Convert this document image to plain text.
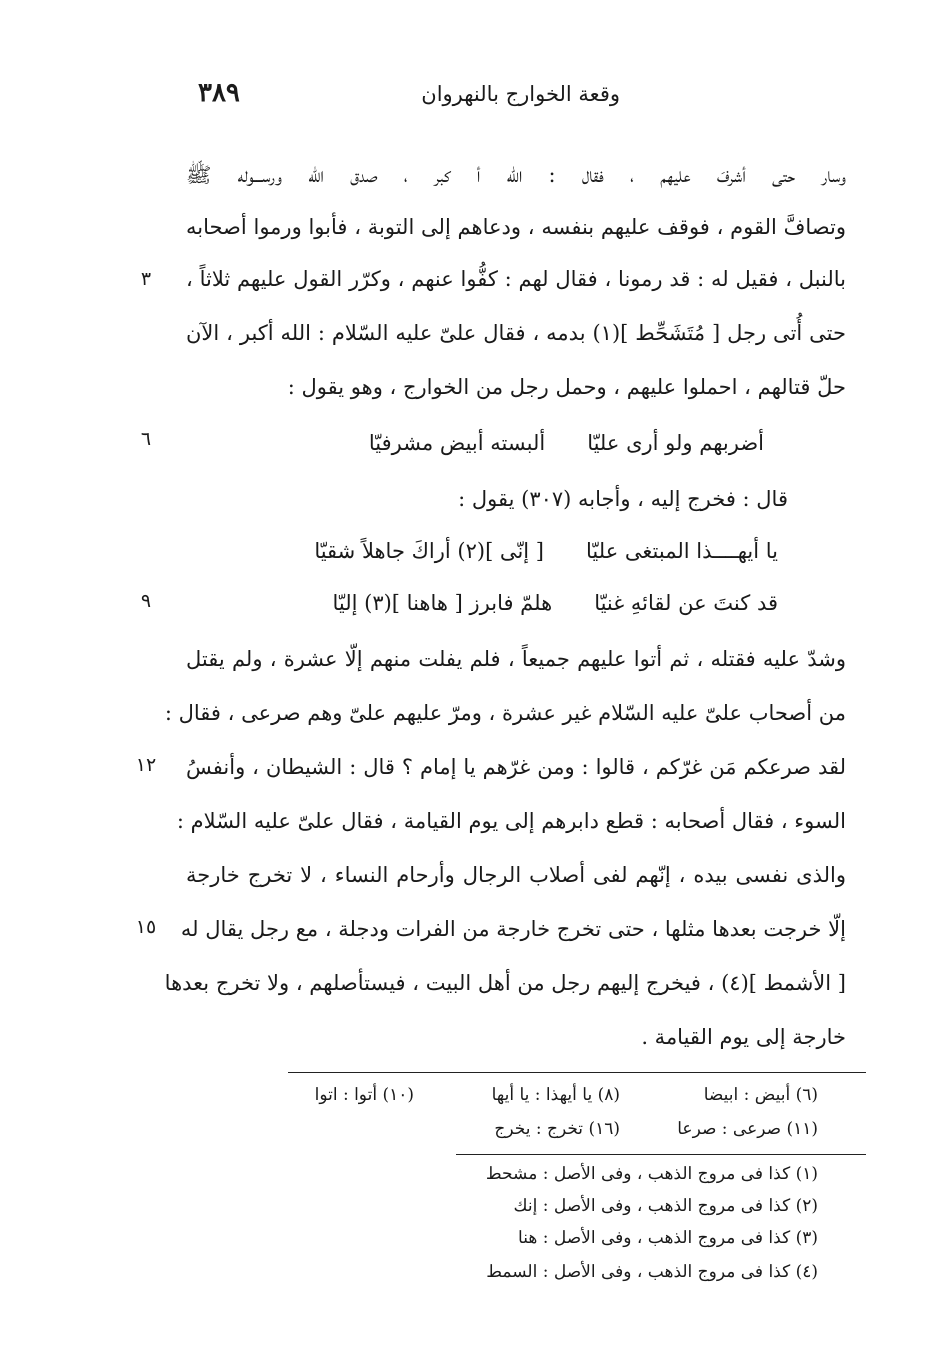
٣٨٩	وقعة الخوارج بالنهروان
وسار حتى أشرفَ عليهم ، فقال : الله أ كبر ، صدق الله ورســـوله ﷺ
وتصافَّ القوم ، فوقف عليهم بنفسه ، ودعاهم إلى التوبة ، فأبوا ورموا أصحابه
بالنبل ، فقيل له : قد رمونا ، فقال لهم : كفُّوا عنهم ، وكرّر القول عليهم ثلاثاً ،
حتى أُتى رجل [ مُتَشَحِّط ](١) بدمه ، فقال علىّ عليه السّلام : الله أكبر ، الآن
حلّ قتالهم ، احملوا عليهم ، وحمل رجل من الخوارج ، وهو يقول :
أضربهم ولو أرى عليّا
ألبسته أبيض مشرفيّا
قال : فخرج إليه ، وأجابه (٣٠٧) يقول :
يا أيهــــذا المبتغى عليّا
[ إنّى ](٢) أراكَ جاهلاً شقيّا
قد كنتَ عن لقائهِ غنيّا
هلمّ فابرز [ هاهنا ](٣) إليّا
وشدّ عليه فقتله ، ثم أتوا عليهم جميعاً ، فلم يفلت منهم إلّا عشرة ، ولم يقتل
من أصحاب علىّ عليه السّلام غير عشرة ، ومرّ عليهم علىّ وهم صرعى ، فقال :
لقد صرعكم مَن غرّكم ، قالوا : ومن غرّهم يا إمام ؟ قال : الشيطان ، وأنفسُ
السوء ، فقال أصحابه : قطع دابرهم إلى يوم القيامة ، فقال علىّ عليه السّلام :
والذى نفسى بيده ، إنّهم لفى أصلاب الرجال وأرحام النساء ، لا تخرج خارجة
إلّا خرجت بعدها مثلها ، حتى تخرج خارجة من الفرات ودجلة ، مع رجل يقال له
[ الأشمط ](٤) ، فيخرج إليهم رجل من أهل البيت ، فيستأصلهم ، ولا تخرج بعدها
خارجة إلى يوم القيامة .
٣
٦
٩
١٢
١٥
(٦) أبيض : ابيضا
(٨) يا أيهذا : يا أيها
(١٠) أتوا : اتوا
(١١) صرعى : صرعا
(١٦) تخرج : يخرج
(١) كذا فى مروج الذهب ، وفى الأصل : مشحط
(٢) كذا فى مروج الذهب ، وفى الأصل : إنك
(٣) كذا فى مروج الذهب ، وفى الأصل : هنا
(٤) كذا فى مروج الذهب ، وفى الأصل : السمط
